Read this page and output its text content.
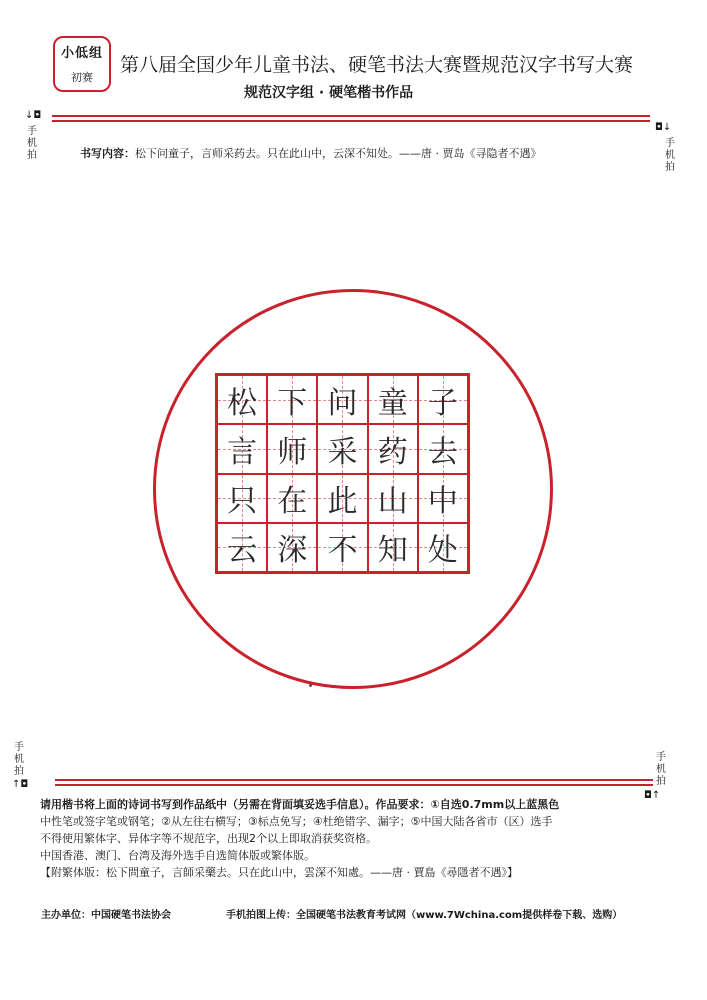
小低组
初赛
第八届全国少年儿童书法、硬笔书法大赛暨规范汉字书写大赛
规范汉字组 · 硬笔楷书作品
↓◘
手机拍
◘↓
手机拍
书写内容：松下问童子，言师采药去。只在此山中，云深不知处。——唐 · 贾岛《寻隐者不遇》
松 下 问 童 子
言 师 采 药 去
只 在 此 山 中
云 深 不 知 处
手机拍
↑◘
手机拍
◘↑

请用楷书将上面的诗词书写到作品纸中（另需在背面填妥选手信息）。作品要求：①自选0.7mm以上蓝黑色

中性笔或签字笔或钢笔；②从左往右横写；③标点免写；④杜绝错字、漏字；⑤中国大陆各省市（区）选手

不得使用繁体字、异体字等不规范字，出现2个以上即取消获奖资格。

中国香港、澳门、台湾及海外选手自选简体版或繁体版。

【附繁体版：松下問童子，言師采藥去。只在此山中，雲深不知處。——唐 · 賈島《尋隱者不遇》】

主办单位：中国硬笔书法协会	手机拍图上传：全国硬笔书法教育考试网（www.7Wchina.com提供样卷下载、选购）
